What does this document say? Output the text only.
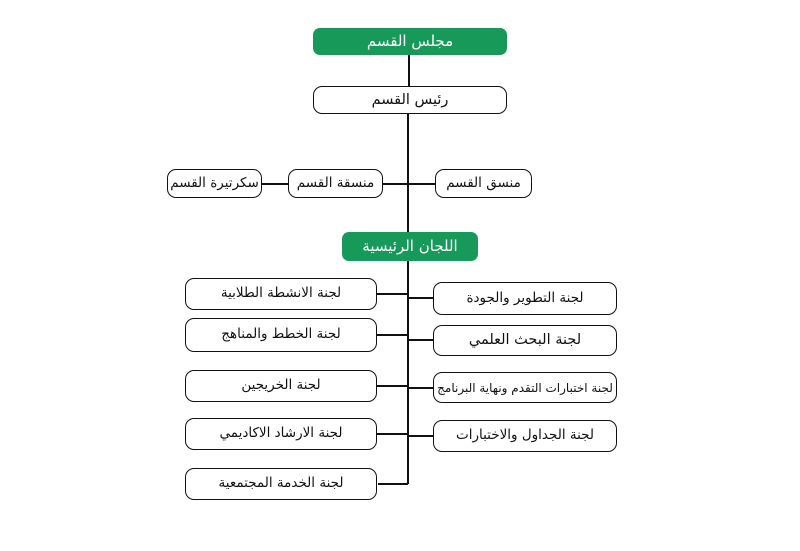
مجلس القسم
رئيس القسم
سكرتيرة القسم	منسقة القسم	منسق القسم
اللجان الرئيسية
لجنة الانشطة الطلابية
لجنة الخطط والمناهج
لجنة الخريجين
لجنة الارشاد الاكاديمي
لجنة الخدمة المجتمعية
لجنة التطوير والجودة
لجنة البحث العلمي
لجنة اختبارات التقدم ونهاية البرنامج
لجنة الجداول والاختبارات
